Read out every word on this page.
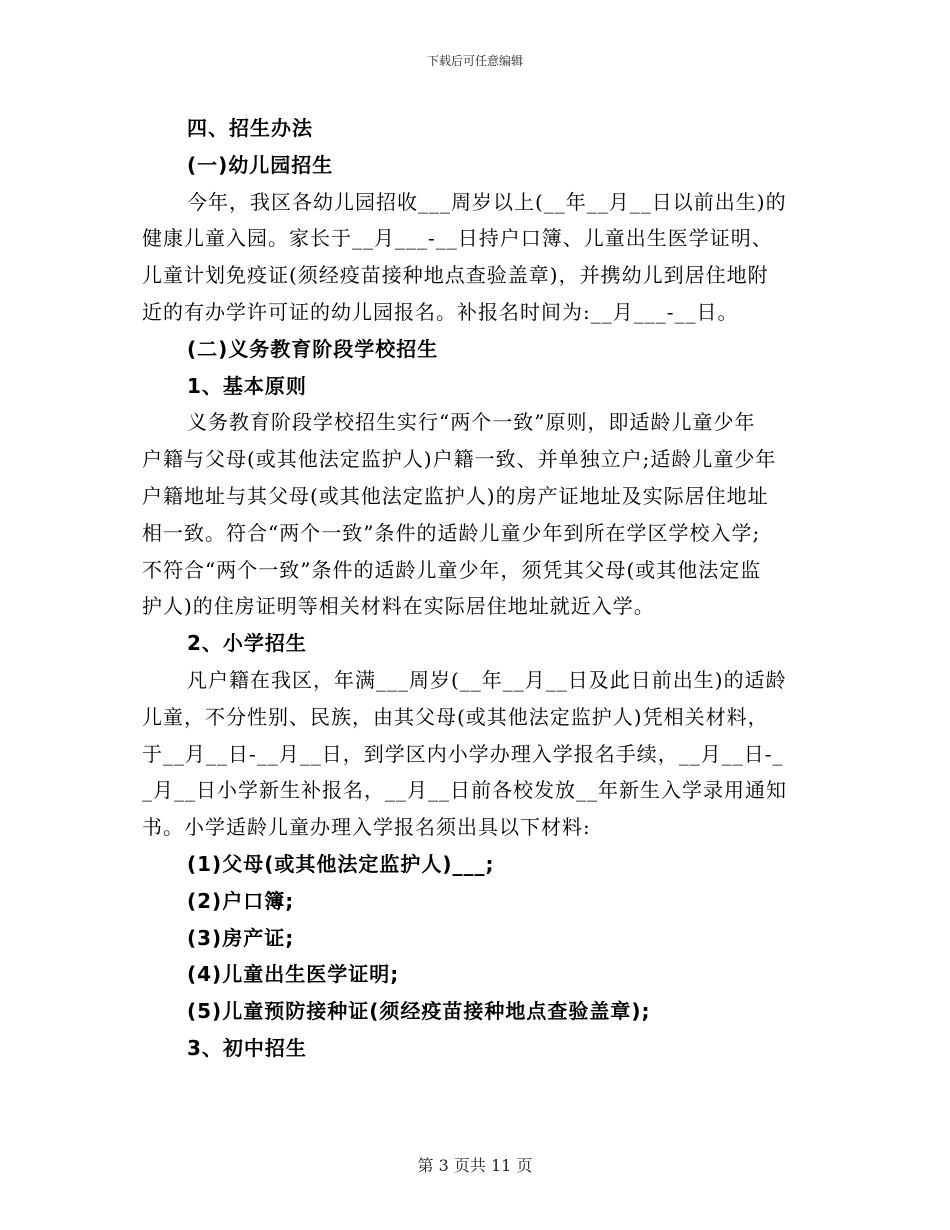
下载后可任意编辑
四、招生办法
(一)幼儿园招生
今年，我区各幼儿园招收___周岁以上(__年__月__日以前出生)的
健康儿童入园。家长于__月___-__日持户口簿、儿童出生医学证明、
儿童计划免疫证(须经疫苗接种地点查验盖章)，并携幼儿到居住地附
近的有办学许可证的幼儿园报名。补报名时间为:__月___-__日。
(二)义务教育阶段学校招生
1、基本原则
义务教育阶段学校招生实行“两个一致”原则，即适龄儿童少年
户籍与父母(或其他法定监护人)户籍一致、并单独立户;适龄儿童少年
户籍地址与其父母(或其他法定监护人)的房产证地址及实际居住地址
相一致。符合“两个一致”条件的适龄儿童少年到所在学区学校入学;
不符合“两个一致”条件的适龄儿童少年，须凭其父母(或其他法定监
护人)的住房证明等相关材料在实际居住地址就近入学。
2、小学招生
凡户籍在我区，年满___周岁(__年__月__日及此日前出生)的适龄
儿童，不分性别、民族，由其父母(或其他法定监护人)凭相关材料，
于__月__日-__月__日，到学区内小学办理入学报名手续，__月__日-_
_月__日小学新生补报名，__月__日前各校发放__年新生入学录用通知
书。小学适龄儿童办理入学报名须出具以下材料:
(1)父母(或其他法定监护人)___;
(2)户口簿;
(3)房产证;
(4)儿童出生医学证明;
(5)儿童预防接种证(须经疫苗接种地点查验盖章);
3、初中招生
第 3 页共 11 页
